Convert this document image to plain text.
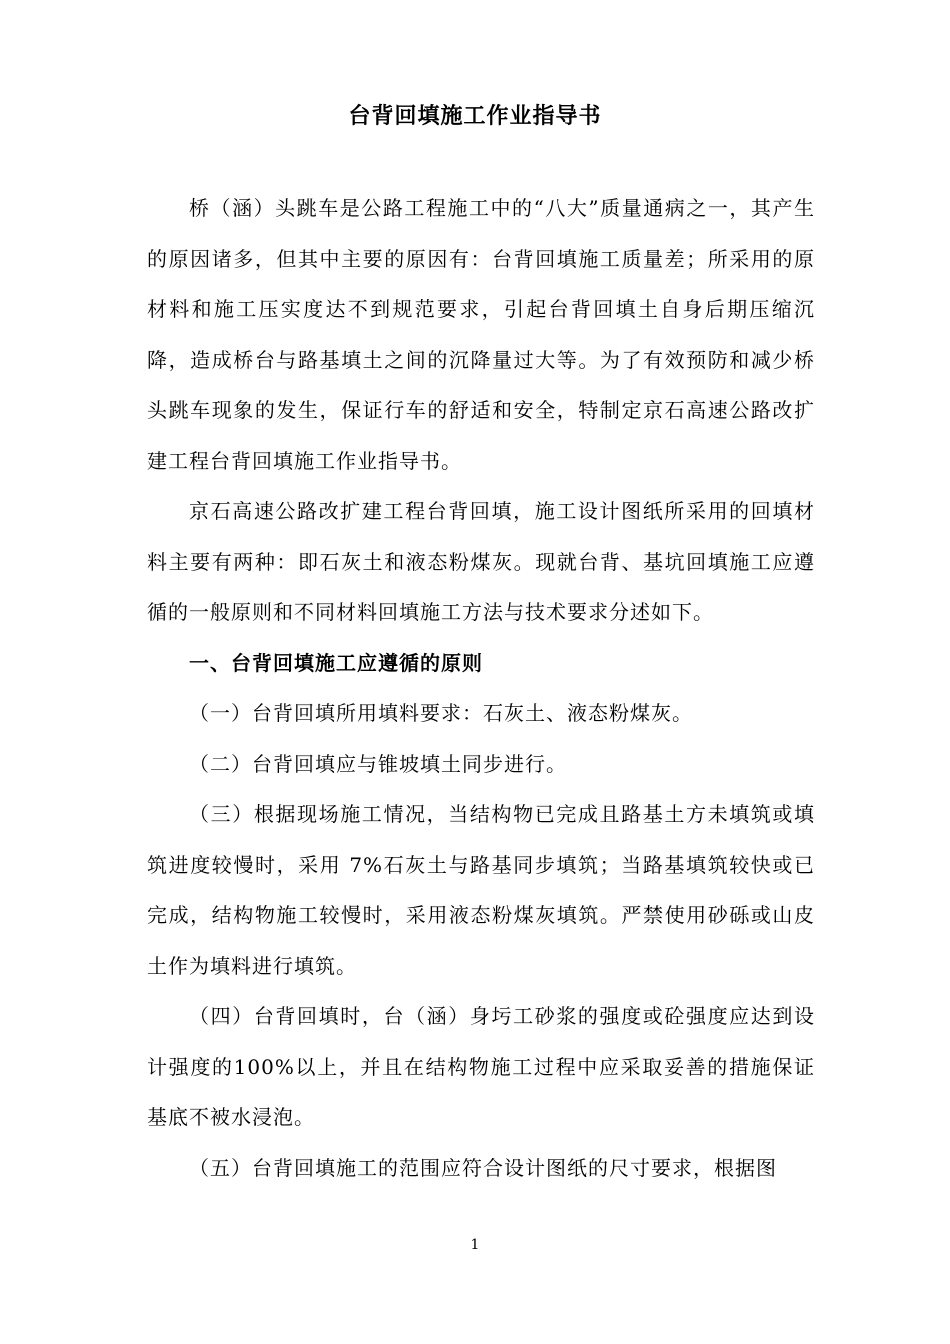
台背回填施工作业指导书

桥（涵）头跳车是公路工程施工中的“八大”质量通病之一，其产生的原因诸多，但其中主要的原因有：台背回填施工质量差；所采用的原材料和施工压实度达不到规范要求，引起台背回填土自身后期压缩沉降，造成桥台与路基填土之间的沉降量过大等。为了有效预防和减少桥头跳车现象的发生，保证行车的舒适和安全，特制定京石高速公路改扩建工程台背回填施工作业指导书。

京石高速公路改扩建工程台背回填，施工设计图纸所采用的回填材料主要有两种：即石灰土和液态粉煤灰。现就台背、基坑回填施工应遵循的一般原则和不同材料回填施工方法与技术要求分述如下。

一、台背回填施工应遵循的原则

（一）台背回填所用填料要求：石灰土、液态粉煤灰。

（二）台背回填应与锥坡填土同步进行。

（三）根据现场施工情况，当结构物已完成且路基土方未填筑或填筑进度较慢时，采用 7%石灰土与路基同步填筑；当路基填筑较快或已完成，结构物施工较慢时，采用液态粉煤灰填筑。严禁使用砂砾或山皮土作为填料进行填筑。

（四）台背回填时，台（涵）身圬工砂浆的强度或砼强度应达到设计强度的100%以上，并且在结构物施工过程中应采取妥善的措施保证基底不被水浸泡。

（五）台背回填施工的范围应符合设计图纸的尺寸要求，根据图

1
